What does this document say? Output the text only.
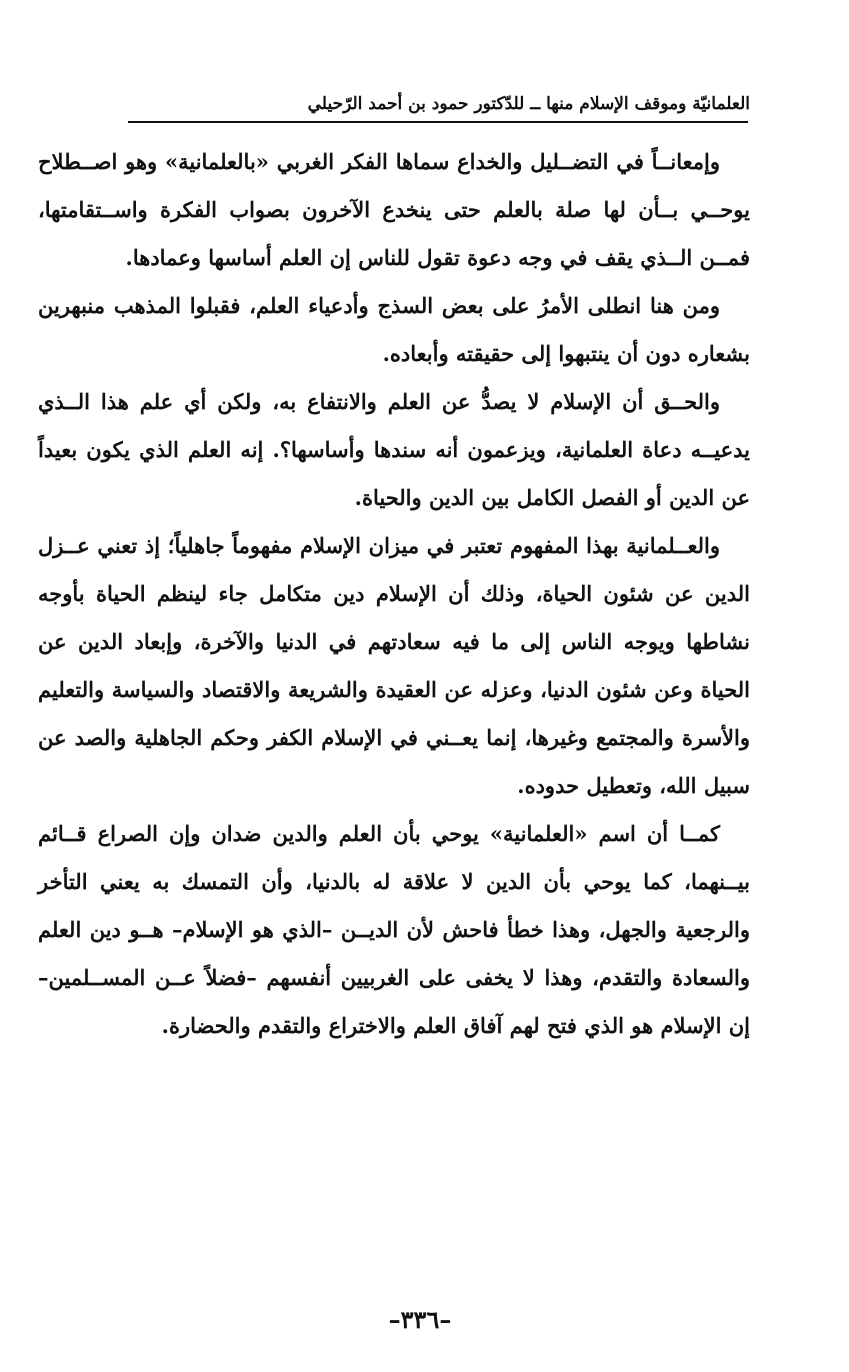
العلمانيّة وموقف الإسلام منها ــ للدّكتور حمود بن أحمد الرّحيلي

وإمعانــاً في التضــليل والخداع سماها الفكر الغربي «بالعلمانية» وهو اصــطلاح يوحــي بــأن لها صلة بالعلم حتى ينخدع الآخرون بصواب الفكرة واســتقامتها، فمــن الــذي يقف في وجه دعوة تقول للناس إن العلم أساسها وعمادها.

ومن هنا انطلى الأمرُ على بعض السذج وأدعياء العلم، فقبلوا المذهب منبهرين بشعاره دون أن ينتبهوا إلى حقيقته وأبعاده.

والحــق أن الإسلام لا يصدُّ عن العلم والانتفاع به، ولكن أي علم هذا الــذي يدعيــه دعاة العلمانية، ويزعمون أنه سندها وأساسها؟. إنه العلم الذي يكون بعيداً عن الدين أو الفصل الكامل بين الدين والحياة.

والعــلمانية بهذا المفهوم تعتبر في ميزان الإسلام مفهوماً جاهلياً؛ إذ تعني عــزل الدين عن شئون الحياة، وذلك أن الإسلام دين متكامل جاء لينظم الحياة بأوجه نشاطها ويوجه الناس إلى ما فيه سعادتهم في الدنيا والآخرة، وإبعاد الدين عن الحياة وعن شئون الدنيا، وعزله عن العقيدة والشريعة والاقتصاد والسياسة والتعليم والأسرة والمجتمع وغيرها، إنما يعــني في الإسلام الكفر وحكم الجاهلية والصد عن سبيل الله، وتعطيل حدوده.

كمــا أن اسم «العلمانية» يوحي بأن العلم والدين ضدان وإن الصراع قــائم بيــنهما، كما يوحي بأن الدين لا علاقة له بالدنيا، وأن التمسك به يعني التأخر والرجعية والجهل، وهذا خطأ فاحش لأن الديــن –الذي هو الإسلام– هــو دين العلم والسعادة والتقدم، وهذا لا يخفى على الغربيين أنفسهم –فضلاً عــن المســلمين– إن الإسلام هو الذي فتح لهم آفاق العلم والاختراع والتقدم والحضارة.

–٣٣٦–
